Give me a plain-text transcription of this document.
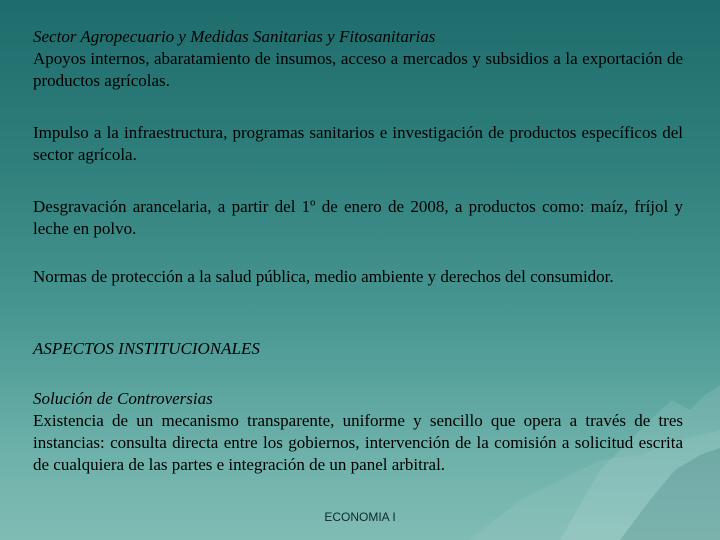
Sector Agropecuario y Medidas Sanitarias y Fitosanitarias

Apoyos internos, abaratamiento de insumos, acceso a mercados y subsidios a la exportación de productos agrícolas.

Impulso a la infraestructura, programas sanitarios e investigación de productos específicos del sector agrícola.

Desgravación arancelaria, a partir del 1º de enero de 2008, a productos como: maíz, fríjol y leche en polvo.

Normas de protección a la salud pública, medio ambiente y derechos del consumidor.

ASPECTOS INSTITUCIONALES

Solución de Controversias

Existencia de un mecanismo transparente, uniforme y sencillo que opera a través de tres instancias: consulta directa entre los gobiernos, intervención de la comisión a solicitud escrita de cualquiera de las partes e integración de un panel arbitral.

ECONOMIA I
